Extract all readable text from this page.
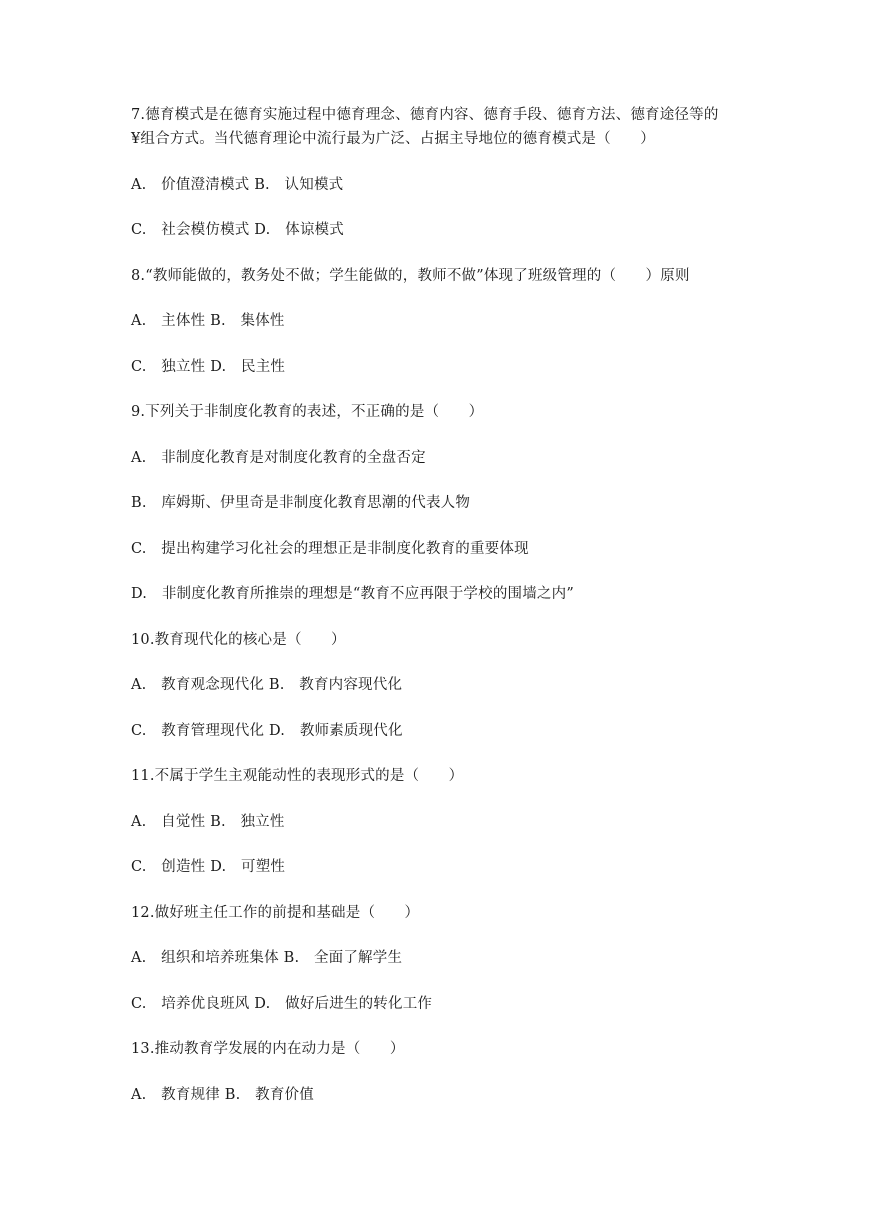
7.德育模式是在德育实施过程中德育理念、德育内容、德育手段、德育方法、德育途径等的
¥组合方式。当代德育理论中流行最为广泛、占据主导地位的德育模式是（　　）
A.　价值澄清模式 B.　认知模式
C.　社会模仿模式 D.　体谅模式
8.“教师能做的，教务处不做；学生能做的，教师不做”体现了班级管理的（　　）原则
A.　主体性 B.　集体性
C.　独立性 D.　民主性
9.下列关于非制度化教育的表述，不正确的是（　　）
A.　非制度化教育是对制度化教育的全盘否定
B.　库姆斯、伊里奇是非制度化教育思潮的代表人物
C.　提出构建学习化社会的理想正是非制度化教育的重要体现
D.　非制度化教育所推崇的理想是“教育不应再限于学校的围墙之内”
10.教育现代化的核心是（　　）
A.　教育观念现代化 B.　教育内容现代化
C.　教育管理现代化 D.　教师素质现代化
11.不属于学生主观能动性的表现形式的是（　　）
A.　自觉性 B.　独立性
C.　创造性 D.　可塑性
12.做好班主任工作的前提和基础是（　　）
A.　组织和培养班集体 B.　全面了解学生
C.　培养优良班风 D.　做好后进生的转化工作
13.推动教育学发展的内在动力是（　　）
A.　教育规律 B.　教育价值
